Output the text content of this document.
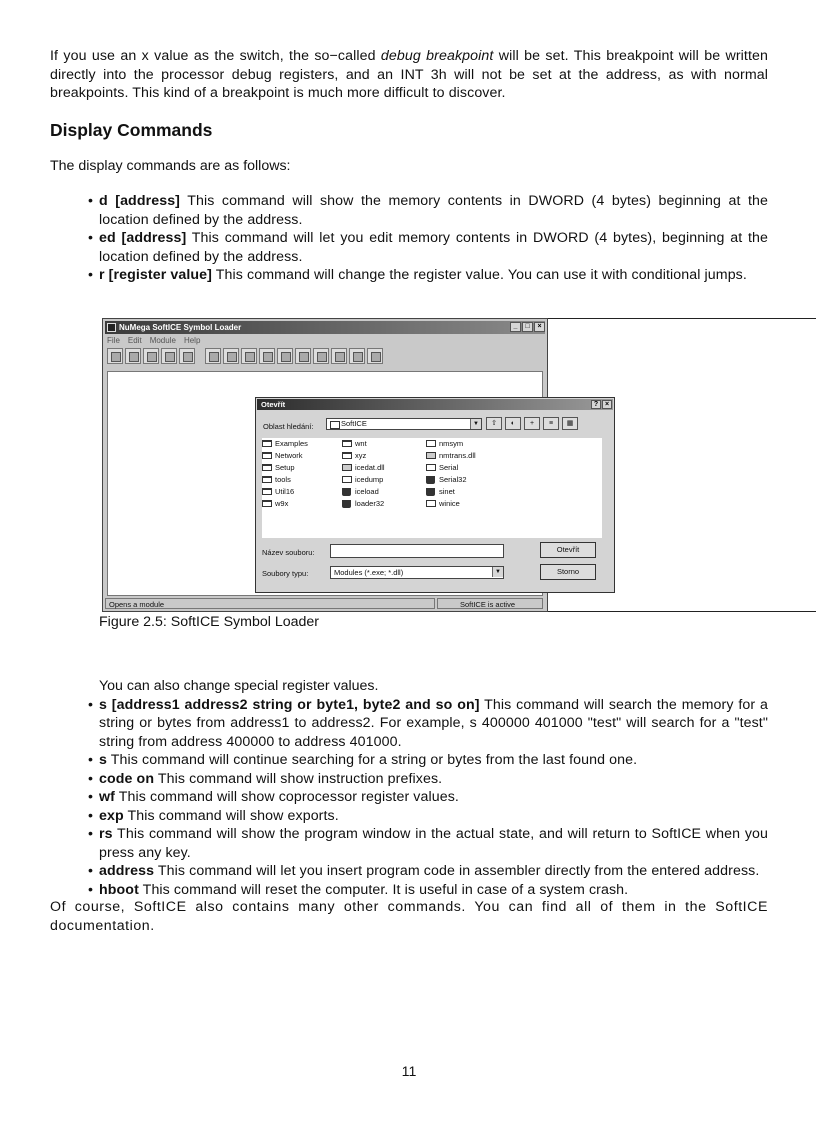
If you use an x value as the switch, the so−called debug breakpoint will be set. This breakpoint will be written directly into the processor debug registers, and an INT 3h will not be set at the address, as with normal breakpoints. This kind of a breakpoint is much more difficult to discover.

Display Commands

The display commands are as follows:

• d [address] This command will show the memory contents in DWORD (4 bytes) beginning at the location defined by the address.
• ed [address] This command will let you edit memory contents in DWORD (4 bytes), beginning at the location defined by the address.
• r [register value] This command will change the register value. You can use it with conditional jumps.

Figure 2.5: SoftICE Symbol Loader

You can also change special register values.

• s [address1 address2 string or byte1, byte2 and so on] This command will search the memory for a string or bytes from address1 to address2. For example, s 400000 401000 "test" will search for a "test" string from address 400000 to address 401000.
• s This command will continue searching for a string or bytes from the last found one.
• code on This command will show instruction prefixes.
• wf This command will show coprocessor register values.
• exp This command will show exports.
• rs This command will show the program window in the actual state, and will return to SoftICE when you press any key.
• address This command will let you insert program code in assembler directly from the entered address.
• hboot This command will reset the computer. It is useful in case of a system crash.

Of course, SoftICE also contains many other commands. You can find all of them in the SoftICE documentation.

11
NuMega SoftICE Symbol Loader	_	□	×
File Edit Module Help
Opens a module	SoftICE is active
Otevřít	? ×
Oblast hledání:	SoftICE	▼	⇧	◐	+	≡	▦
Examples
Network
Setup
tools
Util16
w9x
wnt
xyz
icedat.dll
icedump
iceload
loader32
nmsym
nmtrans.dll
Serial
Serial32
sinet
winice
Název souboru:
Soubory typu:	Modules (*.exe; *.dll)	▼
Otevřít
Storno
